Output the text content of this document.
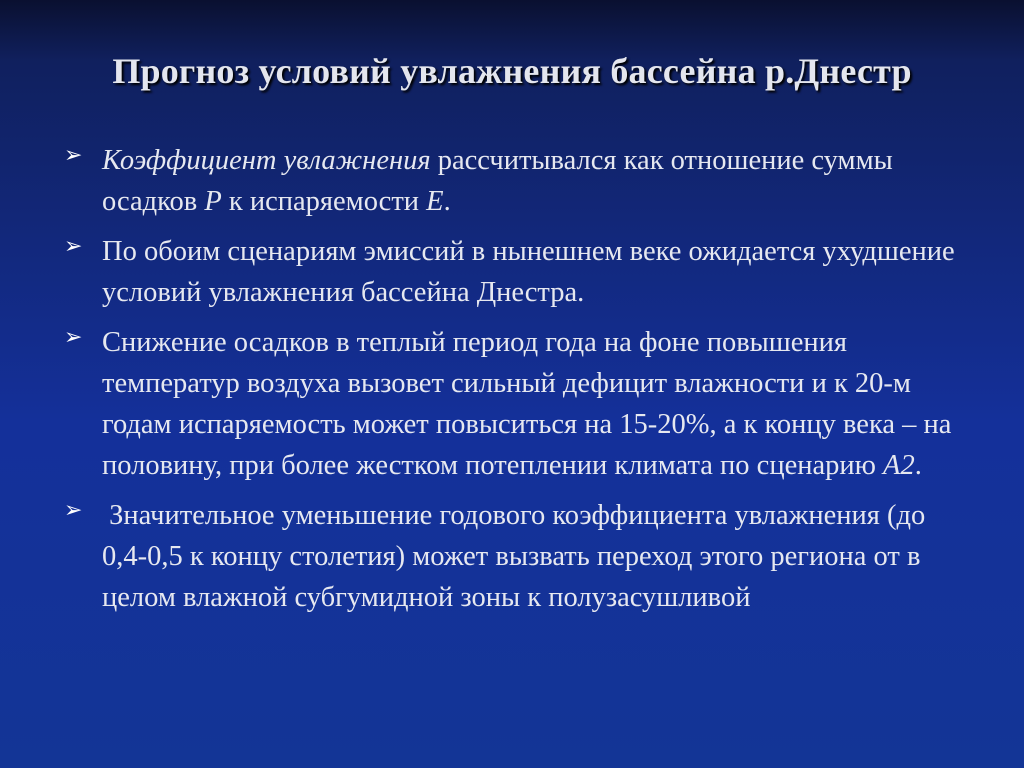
Прогноз условий увлажнения бассейна р.Днестр
➢ Коэффициент увлажнения рассчитывался как отношение суммы осадков P к испаряемости E.
➢ По обоим сценариям эмиссий в нынешнем веке ожидается ухудшение условий увлажнения бассейна Днестра.
➢ Снижение осадков в теплый период года на фоне повышения температур воздуха вызовет сильный дефицит влажности и к 20-м годам испаряемость может повыситься на 15-20%, а к концу века – на половину, при более жестком потеплении климата по сценарию A2.
➢ Значительное уменьшение годового коэффициента увлажнения (до 0,4-0,5 к концу столетия) может вызвать переход этого региона от в целом влажной субгумидной зоны к полузасушливой
